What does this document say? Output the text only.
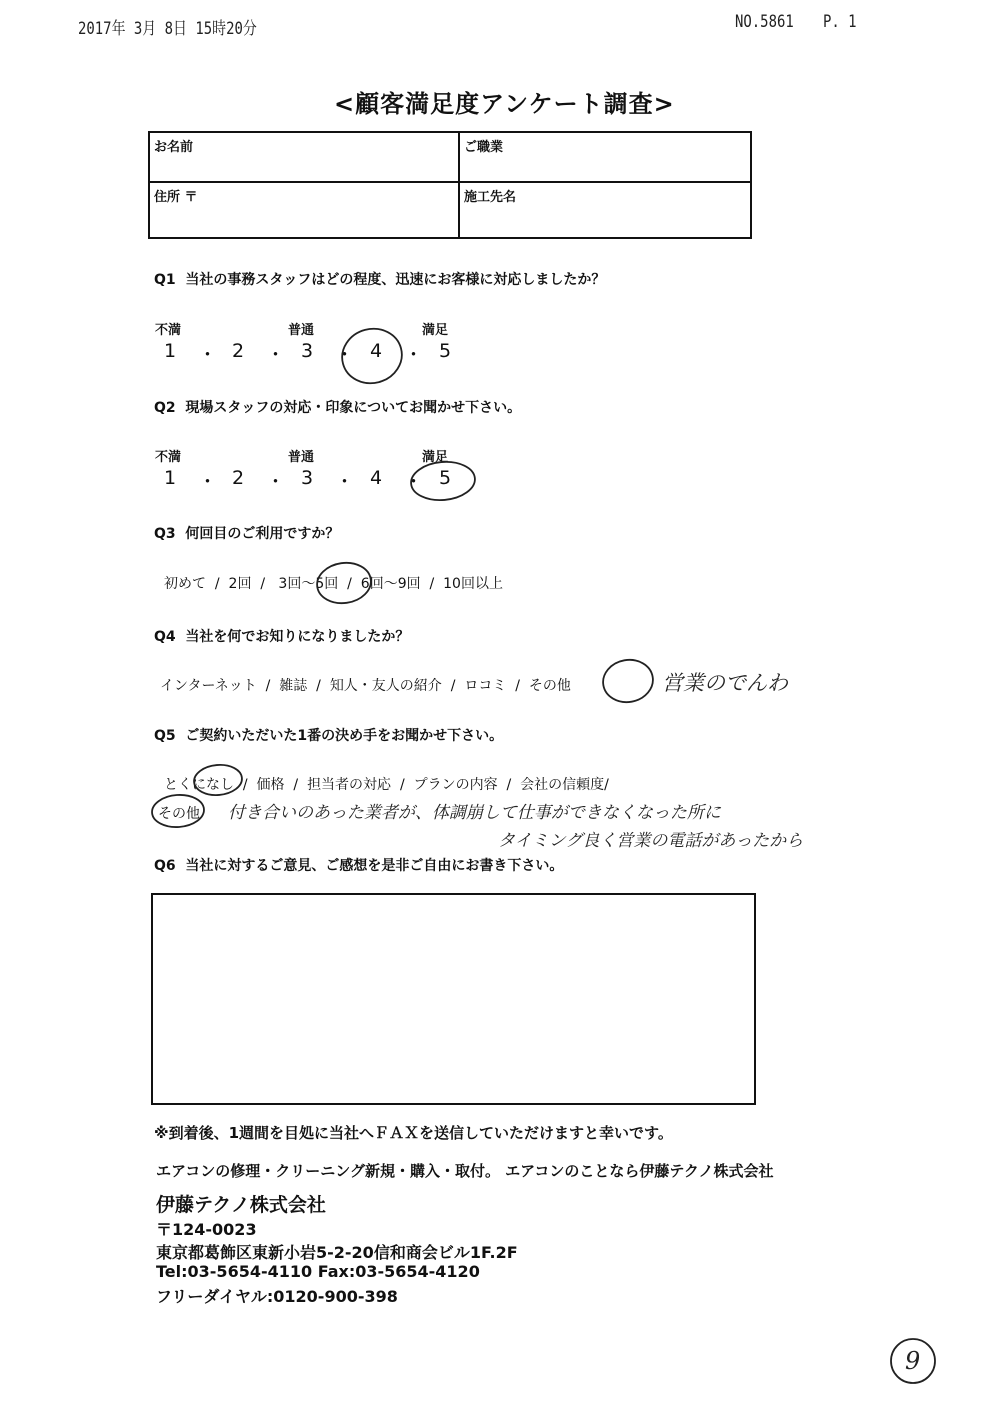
2017年 3月 8日 15時20分	NO.5861 P. 1
<顧客満足度アンケート調査>
お名前	ご職業
住所 〒	施工先名
Q1 当社の事務スタッフはどの程度、迅速にお客様に対応しましたか？
不満	普通	満足
1 ・ 2 ・ 3 ・ 4 ・ 5
Q2 現場スタッフの対応・印象についてお聞かせ下さい。
不満	普通	満足
1 ・ 2 ・ 3 ・ 4 ・ 5
Q3 何回目のご利用ですか？
初めて  /  2回  /   3回～5回  /  6回～9回  /  10回以上
Q4 当社を何でお知りになりましたか？
インターネット  /  雑誌  /  知人・友人の紹介  /  ロコミ  /  その他	営業のでんわ
Q5 ご契約いただいた1番の決め手をお聞かせ下さい。
とくになし  /  価格  /  担当者の対応  /  プランの内容  /  会社の信頼度/
その他 付き合いのあった業者が、体調崩して仕事ができなくなった所に
タイミング良く営業の電話があったから
Q6 当社に対するご意見、ご感想を是非ご自由にお書き下さい。
※到着後、1週間を目処に当社へＦＡＸを送信していただけますと幸いです。
エアコンの修理・クリーニング新規・購入・取付。 エアコンのことなら伊藤テクノ株式会社
伊藤テクノ株式会社
〒124-0023
東京都葛飾区東新小岩5-2-20信和商会ビル1F.2F
Tel:03-5654-4110 Fax:03-5654-4120
フリーダイヤル:0120-900-398
9
